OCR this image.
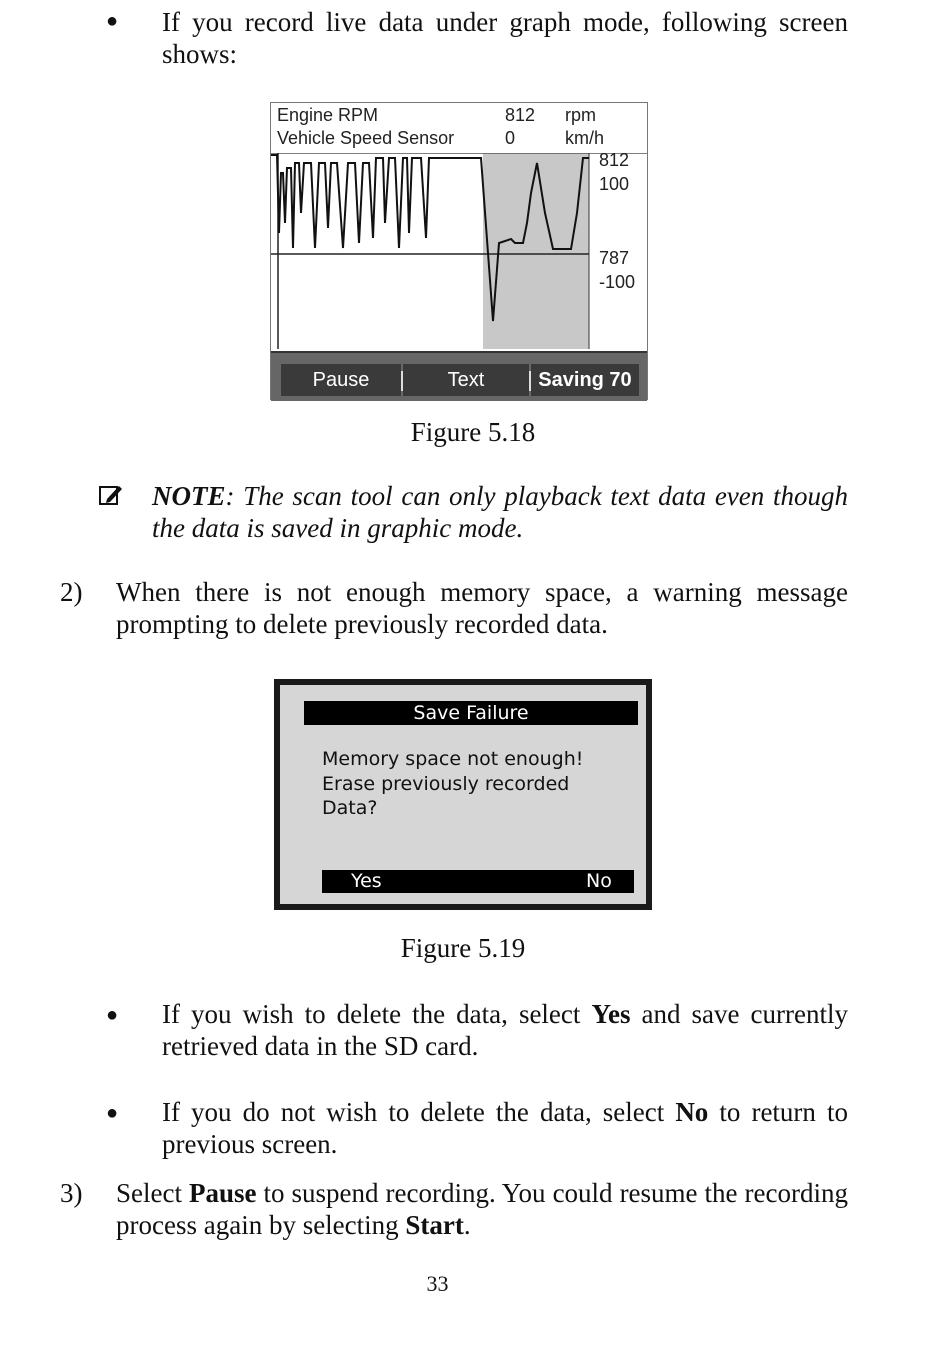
● If you record live data under graph mode, following screen shows:
Engine RPM	812 rpm
Vehicle Speed Sensor	0	km/h
812
100
787
-100
Pause	Text	Saving 70
Figure 5.18
NOTE: The scan tool can only playback text data even though the data is saved in graphic mode.
2) When there is not enough memory space, a warning message prompting to delete previously recorded data.
Save Failure
Memory space not enough!
Erase previously recorded
Data?
Yes	No
Figure 5.19
● If you wish to delete the data, select Yes and save currently retrieved data in the SD card.
● If you do not wish to delete the data, select No to return to previous screen.
3) Select Pause to suspend recording. You could resume the recording process again by selecting Start.
33
